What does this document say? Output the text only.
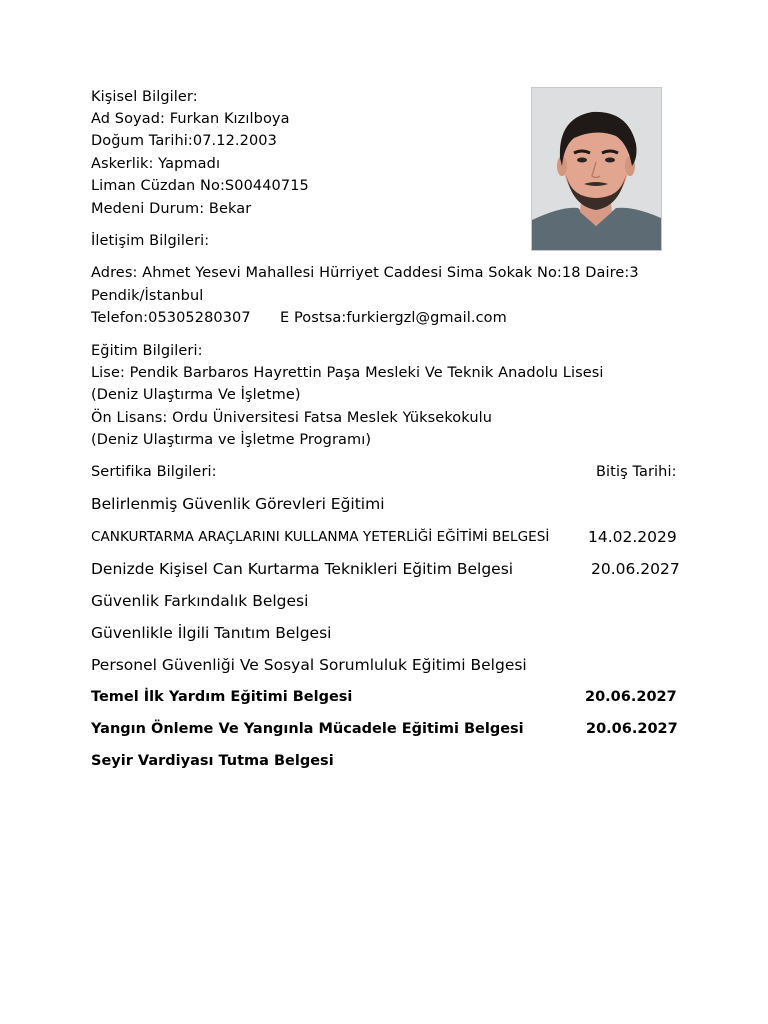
Kişisel Bilgiler:
Ad Soyad: Furkan Kızılboya
Doğum Tarihi:07.12.2003
Askerlik: Yapmadı
Liman Cüzdan No:S00440715
Medeni Durum: Bekar
İletişim Bilgileri:
Adres: Ahmet Yesevi Mahallesi Hürriyet Caddesi Sima Sokak No:18 Daire:3
Pendik/İstanbul
Telefon:05305280307 E Postsa:furkiergzl@gmail.com
Eğitim Bilgileri:
Lise: Pendik Barbaros Hayrettin Paşa Mesleki Ve Teknik Anadolu Lisesi
(Deniz Ulaştırma Ve İşletme)
Ön Lisans: Ordu Üniversitesi Fatsa Meslek Yüksekokulu
(Deniz Ulaştırma ve İşletme Programı)
Sertifika Bilgileri:	Bitiş Tarihi:
Belirlenmiş Güvenlik Görevleri Eğitimi
CANKURTARMA ARAÇLARINI KULLANMA YETERLİĞİ EĞİTİMİ BELGESİ 14.02.2029
Denizde Kişisel Can Kurtarma Teknikleri Eğitim Belgesi	20.06.2027
Güvenlik Farkındalık Belgesi
Güvenlikle İlgili Tanıtım Belgesi
Personel Güvenliği Ve Sosyal Sorumluluk Eğitimi Belgesi
Temel İlk Yardım Eğitimi Belgesi	20.06.2027
Yangın Önleme Ve Yangınla Mücadele Eğitimi Belgesi	20.06.2027
Seyir Vardiyası Tutma Belgesi
